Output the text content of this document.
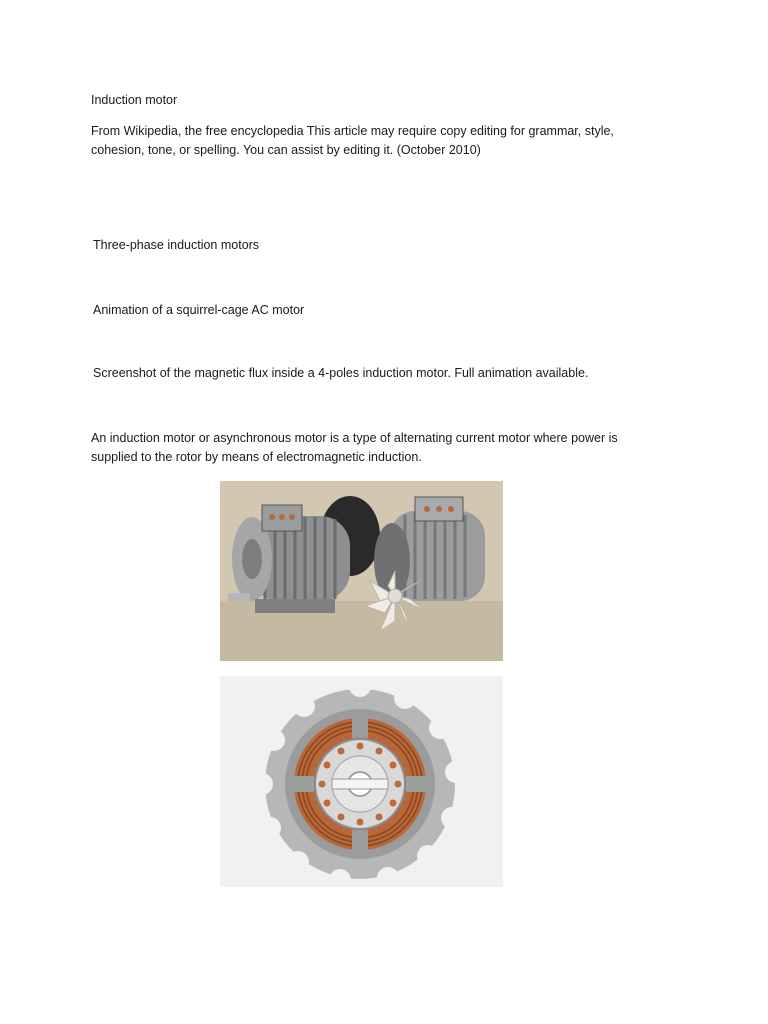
Induction motor
From Wikipedia, the free encyclopedia This article may require copy editing for grammar, style, cohesion, tone, or spelling. You can assist by editing it. (October 2010)
Three-phase induction motors
Animation of a squirrel-cage AC motor
Screenshot of the magnetic flux inside a 4-poles induction motor. Full animation available.
An induction motor or asynchronous motor is a type of alternating current motor where power is supplied to the rotor by means of electromagnetic induction.
